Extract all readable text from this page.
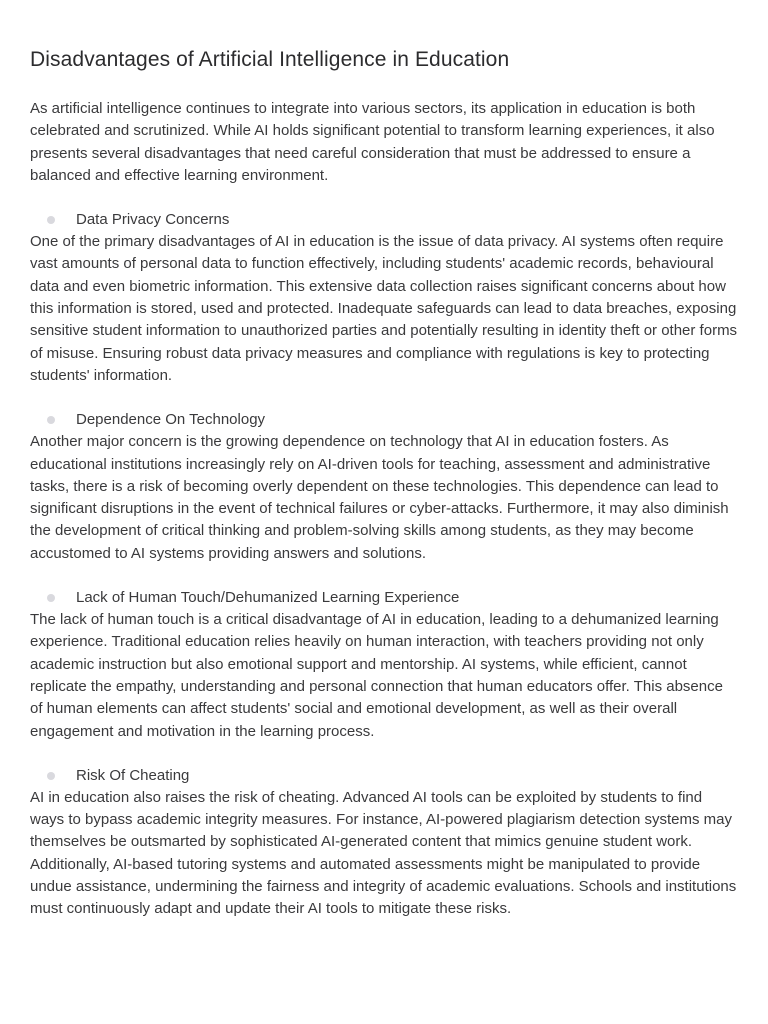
Disadvantages of Artificial Intelligence in Education

As artificial intelligence continues to integrate into various sectors, its application in education is both celebrated and scrutinized. While AI holds significant potential to transform learning experiences, it also presents several disadvantages that need careful consideration that must be addressed to ensure a balanced and effective learning environment.

Data Privacy Concerns

One of the primary disadvantages of AI in education is the issue of data privacy. AI systems often require vast amounts of personal data to function effectively, including students' academic records, behavioural data and even biometric information. This extensive data collection raises significant concerns about how this information is stored, used and protected. Inadequate safeguards can lead to data breaches, exposing sensitive student information to unauthorized parties and potentially resulting in identity theft or other forms of misuse. Ensuring robust data privacy measures and compliance with regulations is key to protecting students' information.

Dependence On Technology

Another major concern is the growing dependence on technology that AI in education fosters. As educational institutions increasingly rely on AI-driven tools for teaching, assessment and administrative tasks, there is a risk of becoming overly dependent on these technologies. This dependence can lead to significant disruptions in the event of technical failures or cyber-attacks. Furthermore, it may also diminish the development of critical thinking and problem-solving skills among students, as they may become accustomed to AI systems providing answers and solutions.

Lack of Human Touch/Dehumanized Learning Experience

The lack of human touch is a critical disadvantage of AI in education, leading to a dehumanized learning experience. Traditional education relies heavily on human interaction, with teachers providing not only academic instruction but also emotional support and mentorship. AI systems, while efficient, cannot replicate the empathy, understanding and personal connection that human educators offer. This absence of human elements can affect students' social and emotional development, as well as their overall engagement and motivation in the learning process.

Risk Of Cheating

AI in education also raises the risk of cheating. Advanced AI tools can be exploited by students to find ways to bypass academic integrity measures. For instance, AI-powered plagiarism detection systems may themselves be outsmarted by sophisticated AI-generated content that mimics genuine student work. Additionally, AI-based tutoring systems and automated assessments might be manipulated to provide undue assistance, undermining the fairness and integrity of academic evaluations. Schools and institutions must continuously adapt and update their AI tools to mitigate these risks.
